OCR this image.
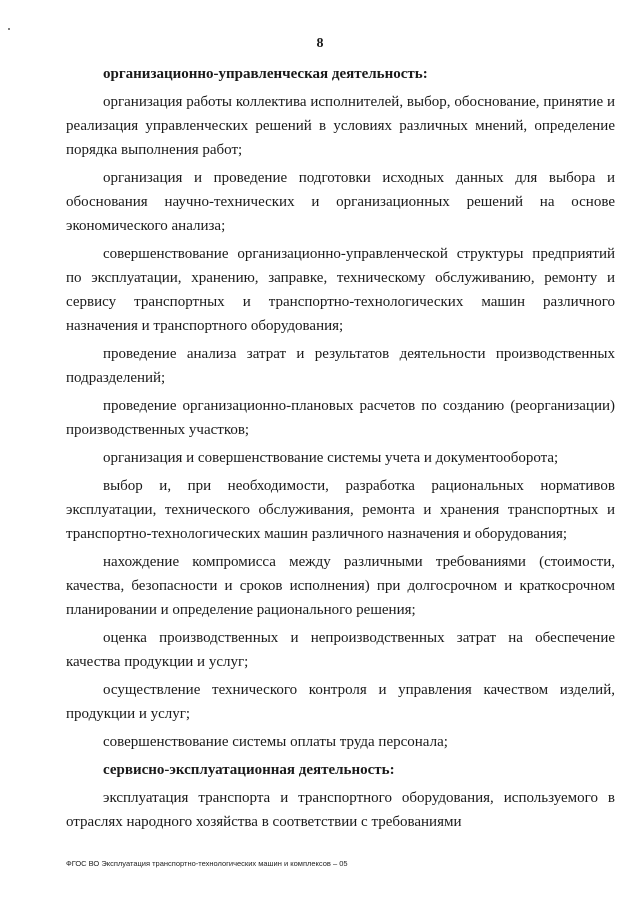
8

организационно-управленческая деятельность:

организация работы коллектива исполнителей, выбор, обоснование, принятие и реализация управленческих решений в условиях различных мнений, определение порядка выполнения работ;

организация и проведение подготовки исходных данных для выбора и обоснования научно-технических и организационных решений на основе экономического анализа;

совершенствование организационно-управленческой структуры предприятий по эксплуатации, хранению, заправке, техническому обслуживанию, ремонту и сервису транспортных и транспортно-технологических машин различного назначения и транспортного оборудования;

проведение анализа затрат и результатов деятельности производственных подразделений;

проведение организационно-плановых расчетов по созданию (реорганизации) производственных участков;

организация и совершенствование системы учета и документооборота;

выбор и, при необходимости, разработка рациональных нормативов эксплуатации, технического обслуживания, ремонта и хранения транспортных и транспортно-технологических машин различного назначения и оборудования;

нахождение компромисса между различными требованиями (стоимости, качества, безопасности и сроков исполнения) при долгосрочном и краткосрочном планировании и определение рационального решения;

оценка производственных и непроизводственных затрат на обеспечение качества продукции и услуг;

осуществление технического контроля и управления качеством изделий, продукции и услуг;

совершенствование системы оплаты труда персонала;

сервисно-эксплуатационная деятельность:

эксплуатация транспорта и транспортного оборудования, используемого в отраслях народного хозяйства в соответствии с требованиями

ФГОС ВО Эксплуатация транспортно-технологических машин и комплексов – 05
